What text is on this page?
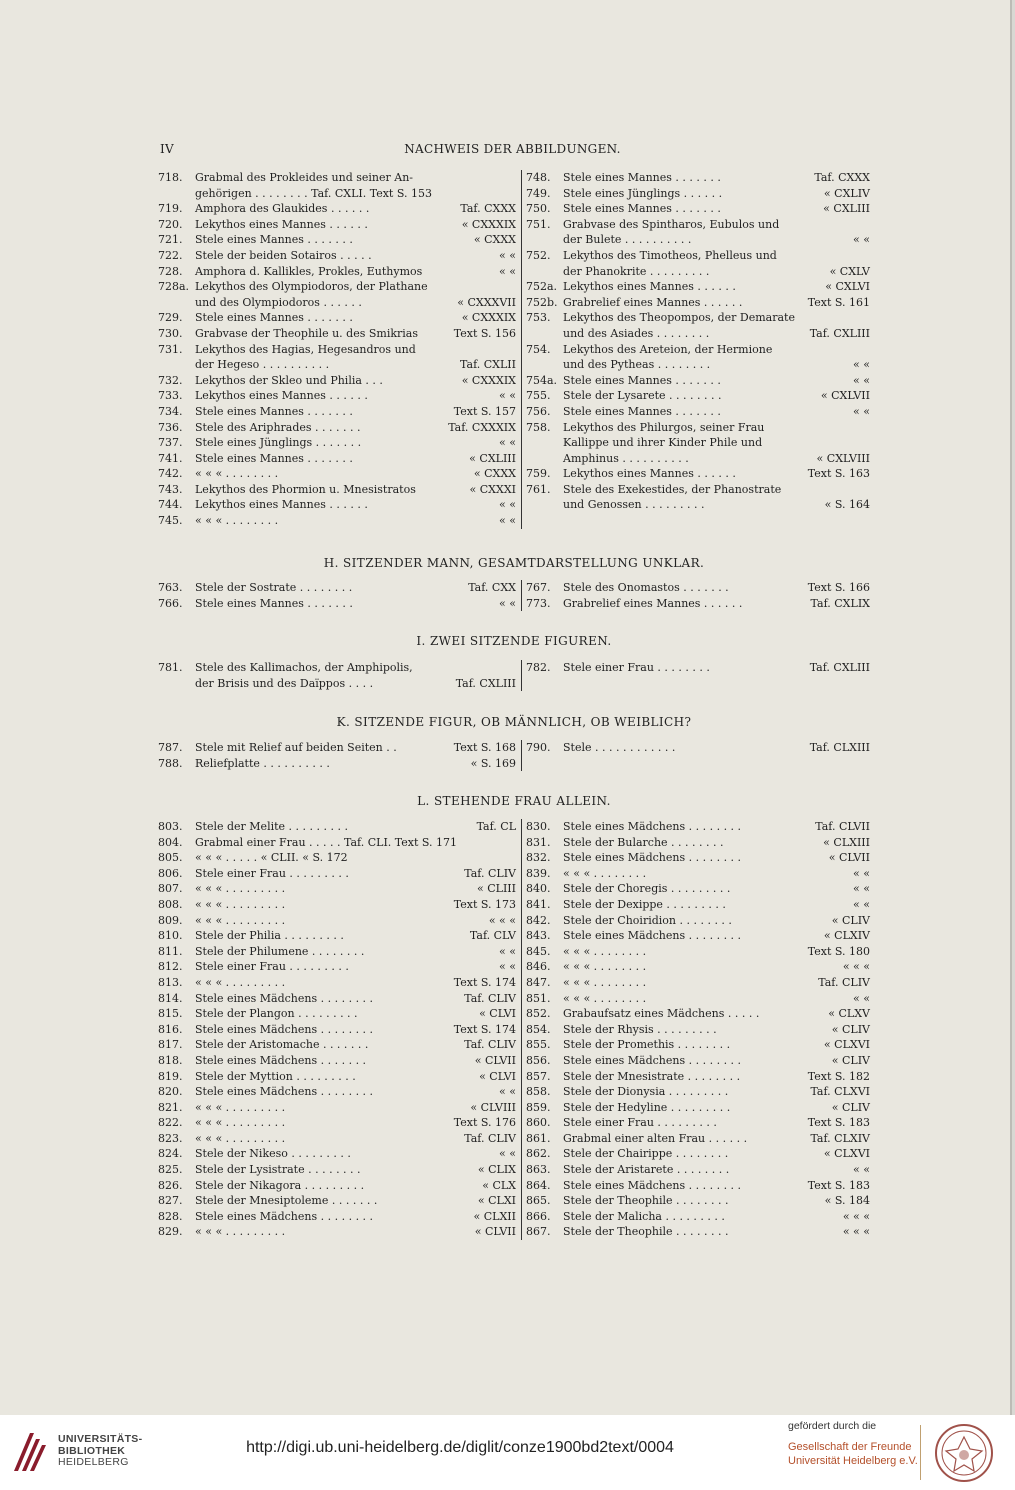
IV	NACHWEIS DER ABBILDUNGEN.
718. Grabmal des Prokleides und seiner An-
gehörigen . . . . . . . . Taf. CXLI. Text S. 153
719. Amphora des Glaukides . . . . . .	Taf. CXXX
720. Lekythos eines Mannes . . . . . .	« CXXXIX
721. Stele eines Mannes . . . . . . .	« CXXX
722. Stele der beiden Sotairos . . . . .	« «
728. Amphora d. Kallikles, Prokles, Euthymos	« «
728a. Lekythos des Olympiodoros, der Plathane
und des Olympiodoros . . . . . .	« CXXXVII
729. Stele eines Mannes . . . . . . .	« CXXXIX
730. Grabvase der Theophile u. des Smikrias	Text S. 156
731. Lekythos des Hagias, Hegesandros und
der Hegeso . . . . . . . . . .	Taf. CXLII
732. Lekythos der Skleo und Philia . . .	« CXXXIX
733. Lekythos eines Mannes . . . . . .	« «
734. Stele eines Mannes . . . . . . .	Text S. 157
736. Stele des Ariphrades . . . . . . .	Taf. CXXXIX
737. Stele eines Jünglings . . . . . . .	« «
741. Stele eines Mannes . . . . . . .	« CXLIII
742. « « « . . . . . . . .	« CXXX
743. Lekythos des Phormion u. Mnesistratos	« CXXXI
744. Lekythos eines Mannes . . . . . .	« «
745. « « « . . . . . . . .	« «
748. Stele eines Mannes . . . . . . .	Taf. CXXX
749. Stele eines Jünglings . . . . . .	« CXLIV
750. Stele eines Mannes . . . . . . .	« CXLIII
751. Grabvase des Spintharos, Eubulos und
der Bulete . . . . . . . . . .	« «
752. Lekythos des Timotheos, Phelleus und
der Phanokrite . . . . . . . . .	« CXLV
752a. Lekythos eines Mannes . . . . . .	« CXLVI
752b. Grabrelief eines Mannes . . . . . .	Text S. 161
753. Lekythos des Theopompos, der Demarate
und des Asiades . . . . . . . .	Taf. CXLIII
754. Lekythos des Areteion, der Hermione
und des Pytheas . . . . . . . .	« «
754a. Stele eines Mannes . . . . . . .	« «
755. Stele der Lysarete . . . . . . . .	« CXLVII
756. Stele eines Mannes . . . . . . .	« «
758. Lekythos des Philurgos, seiner Frau
Kallippe und ihrer Kinder Phile und
Amphinus . . . . . . . . . .	« CXLVIII
759. Lekythos eines Mannes . . . . . .	Text S. 163
761. Stele des Exekestides, der Phanostrate
und Genossen . . . . . . . . .	« S. 164
H. SITZENDER MANN, GESAMTDARSTELLUNG UNKLAR.
763. Stele der Sostrate . . . . . . . .	Taf. CXX
766. Stele eines Mannes . . . . . . .	« «
767. Stele des Onomastos . . . . . . .	Text S. 166
773. Grabrelief eines Mannes . . . . . .	Taf. CXLIX
I. ZWEI SITZENDE FIGUREN.
781. Stele des Kallimachos, der Amphipolis,
der Brisis und des Daïppos . . . .	Taf. CXLIII
782. Stele einer Frau . . . . . . . .	Taf. CXLIII
K. SITZENDE FIGUR, OB MÄNNLICH, OB WEIBLICH?
787. Stele mit Relief auf beiden Seiten . .	Text S. 168
788. Reliefplatte . . . . . . . . . .	« S. 169
790. Stele . . . . . . . . . . . .	Taf. CLXIII
L. STEHENDE FRAU ALLEIN.
803. Stele der Melite . . . . . . . . .	Taf. CL
804. Grabmal einer Frau . . . . . Taf. CLI. Text S. 171
805. « « « . . . . . « CLII. « S. 172
806. Stele einer Frau . . . . . . . . .	Taf. CLIV
807. « « « . . . . . . . . .	« CLIII
808. « « « . . . . . . . . .	Text S. 173
809. « « « . . . . . . . . .	« « «
810. Stele der Philia . . . . . . . . .	Taf. CLV
811. Stele der Philumene . . . . . . . .	« «
812. Stele einer Frau . . . . . . . . .	« «
813. « « « . . . . . . . . .	Text S. 174
814. Stele eines Mädchens . . . . . . . .	Taf. CLIV
815. Stele der Plangon . . . . . . . . .	« CLVI
816. Stele eines Mädchens . . . . . . . .	Text S. 174
817. Stele der Aristomache . . . . . . .	Taf. CLIV
818. Stele eines Mädchens . . . . . . .	« CLVII
819. Stele der Myttion . . . . . . . . .	« CLVI
820. Stele eines Mädchens . . . . . . . .	« «
821. « « « . . . . . . . . .	« CLVIII
822. « « « . . . . . . . . .	Text S. 176
823. « « « . . . . . . . . .	Taf. CLIV
824. Stele der Nikeso . . . . . . . . .	« «
825. Stele der Lysistrate . . . . . . . .	« CLIX
826. Stele der Nikagora . . . . . . . . .	« CLX
827. Stele der Mnesiptoleme . . . . . . .	« CLXI
828. Stele eines Mädchens . . . . . . . .	« CLXII
829. « « « . . . . . . . . .	« CLVII
830. Stele eines Mädchens . . . . . . . .	Taf. CLVII
831. Stele der Bularche . . . . . . . .	« CLXIII
832. Stele eines Mädchens . . . . . . . .	« CLVII
839. « « « . . . . . . . .	« «
840. Stele der Choregis . . . . . . . . .	« «
841. Stele der Dexippe . . . . . . . . .	« «
842. Stele der Choiridion . . . . . . . .	« CLIV
843. Stele eines Mädchens . . . . . . . .	« CLXIV
845. « « « . . . . . . . .	Text S. 180
846. « « « . . . . . . . .	« « «
847. « « « . . . . . . . .	Taf. CLIV
851. « « « . . . . . . . .	« «
852. Grabaufsatz eines Mädchens . . . . .	« CLXV
854. Stele der Rhysis . . . . . . . . .	« CLIV
855. Stele der Promethis . . . . . . . .	« CLXVI
856. Stele eines Mädchens . . . . . . . .	« CLIV
857. Stele der Mnesistrate . . . . . . . .	Text S. 182
858. Stele der Dionysia . . . . . . . . .	Taf. CLXVI
859. Stele der Hedyline . . . . . . . . .	« CLIV
860. Stele einer Frau . . . . . . . . .	Text S. 183
861. Grabmal einer alten Frau . . . . . .	Taf. CLXIV
862. Stele der Chairippe . . . . . . . .	« CLXVI
863. Stele der Aristarete . . . . . . . .	« «
864. Stele eines Mädchens . . . . . . . .	Text S. 183
865. Stele der Theophile . . . . . . . .	« S. 184
866. Stele der Malicha . . . . . . . . .	« « «
867. Stele der Theophile . . . . . . . .	« « «
UNIVERSITÄTS-
BIBLIOTHEK
HEIDELBERG
http://digi.ub.uni-heidelberg.de/diglit/conze1900bd2text/0004
gefördert durch die
Gesellschaft der Freunde
Universität Heidelberg e.V.
